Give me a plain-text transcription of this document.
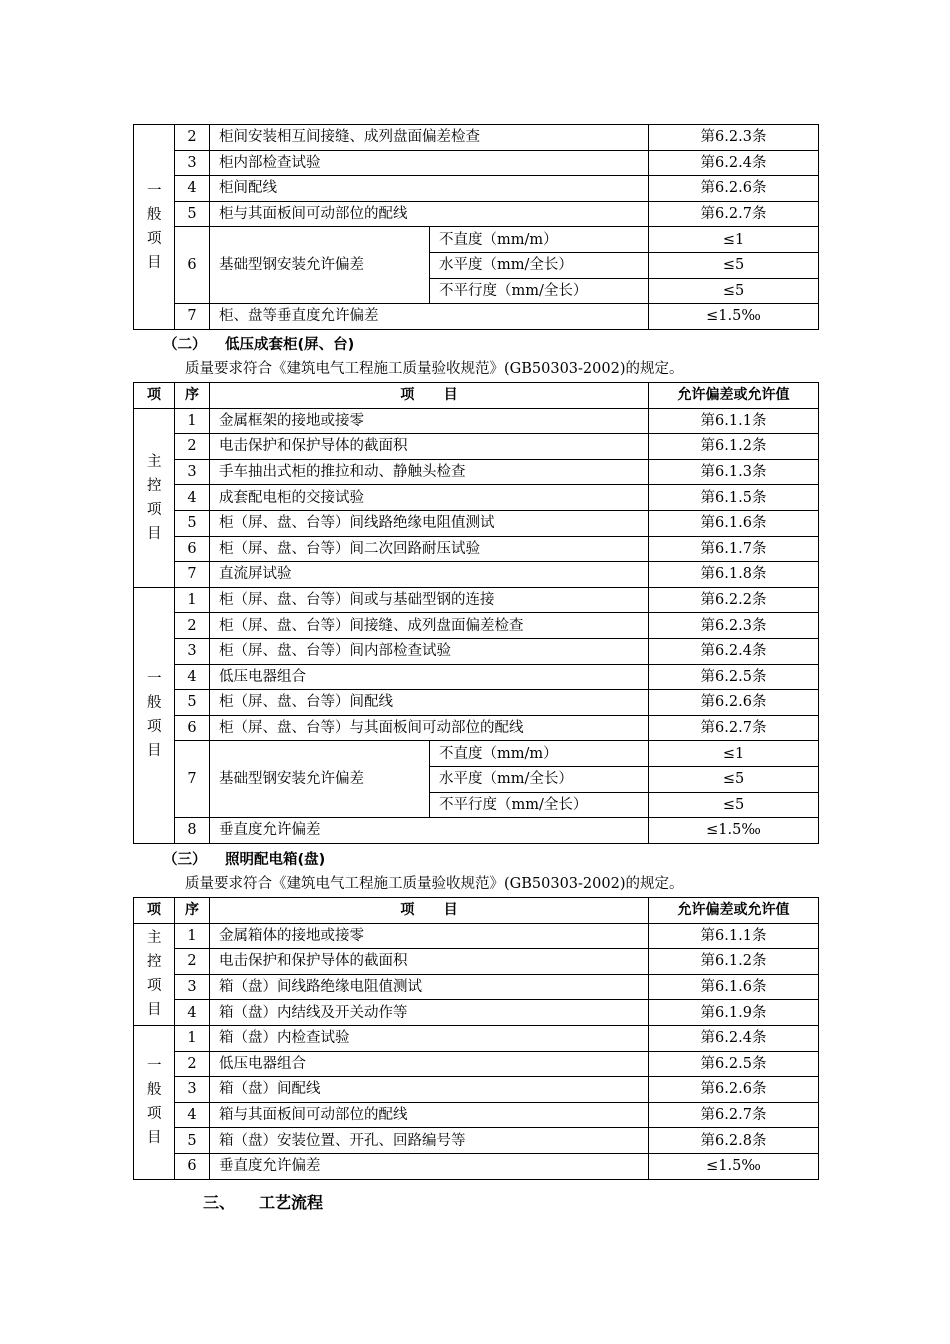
一般项目	2	柜间安装相互间接缝、成列盘面偏差检查		第6.2.3条
	3	柜内部检查试验		第6.2.4条
	4	柜间配线		第6.2.6条
	5	柜与其面板间可动部位的配线		第6.2.7条
	6	基础型钢安装允许偏差	不直度（mm/m）	≤1
			水平度（mm/全长）	≤5
			不平行度（mm/全长）	≤5
	7	柜、盘等垂直度允许偏差		≤1.5‰
（二） 低压成套柜(屏、台)
质量要求符合《建筑电气工程施工质量验收规范》(GB50303-2002)的规定。
项	序	项      目		允许偏差或允许值
主控项目	1	金属框架的接地或接零		第6.1.1条
	2	电击保护和保护导体的截面积		第6.1.2条
	3	手车抽出式柜的推拉和动、静触头检查		第6.1.3条
	4	成套配电柜的交接试验		第6.1.5条
	5	柜（屏、盘、台等）间线路绝缘电阻值测试		第6.1.6条
	6	柜（屏、盘、台等）间二次回路耐压试验		第6.1.7条
	7	直流屏试验		第6.1.8条
一般项目	1	柜（屏、盘、台等）间或与基础型钢的连接		第6.2.2条
	2	柜（屏、盘、台等）间接缝、成列盘面偏差检查		第6.2.3条
	3	柜（屏、盘、台等）间内部检查试验		第6.2.4条
	4	低压电器组合		第6.2.5条
	5	柜（屏、盘、台等）间配线		第6.2.6条
	6	柜（屏、盘、台等）与其面板间可动部位的配线		第6.2.7条
	7	基础型钢安装允许偏差	不直度（mm/m）	≤1
			水平度（mm/全长）	≤5
			不平行度（mm/全长）	≤5
	8	垂直度允许偏差		≤1.5‰
（三） 照明配电箱(盘)
质量要求符合《建筑电气工程施工质量验收规范》(GB50303-2002)的规定。
项	序	项      目	允许偏差或允许值
主控项目	1	金属箱体的接地或接零	第6.1.1条
	2	电击保护和保护导体的截面积	第6.1.2条
	3	箱（盘）间线路绝缘电阻值测试	第6.1.6条
	4	箱（盘）内结线及开关动作等	第6.1.9条
一般项目	1	箱（盘）内检查试验	第6.2.4条
	2	低压电器组合	第6.2.5条
	3	箱（盘）间配线	第6.2.6条
	4	箱与其面板间可动部位的配线	第6.2.7条
	5	箱（盘）安装位置、开孔、回路编号等	第6.2.8条
	6	垂直度允许偏差	≤1.5‰
三、 工艺流程
